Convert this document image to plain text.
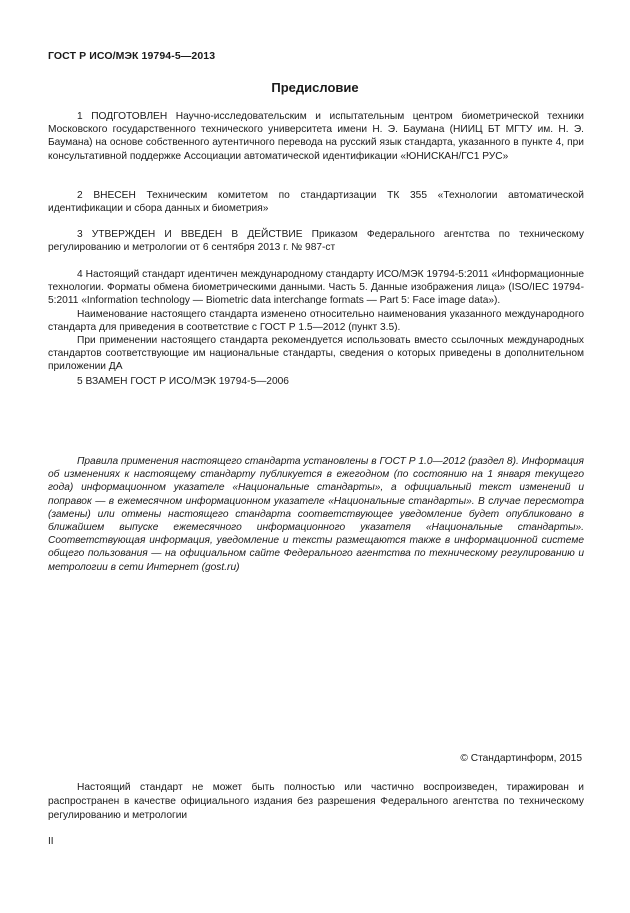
ГОСТ Р ИСО/МЭК 19794-5—2013
Предисловие

1 ПОДГОТОВЛЕН Научно-исследовательским и испытательным центром биометрической техники Московского государственного технического университета имени Н. Э. Баумана (НИИЦ БТ МГТУ им. Н. Э. Баумана) на основе собственного аутентичного перевода на русский язык стандарта, указанного в пункте 4, при консультативной поддержке Ассоциации автоматической идентификации «ЮНИСКАН/ГС1 РУС»

2 ВНЕСЕН Техническим комитетом по стандартизации ТК 355 «Технологии автоматической идентификации и сбора данных и биометрия»

3 УТВЕРЖДЕН И ВВЕДЕН В ДЕЙСТВИЕ Приказом Федерального агентства по техническому регулированию и метрологии от 6 сентября 2013 г. № 987-ст

4 Настоящий стандарт идентичен международному стандарту ИСО/МЭК 19794-5:2011 «Информационные технологии. Форматы обмена биометрическими данными. Часть 5. Данные изображения лица» (ISO/IEC 19794-5:2011 «Information technology — Biometric data interchange formats — Part 5: Face image data»).

Наименование настоящего стандарта изменено относительно наименования указанного международного стандарта для приведения в соответствие с ГОСТ Р 1.5—2012 (пункт 3.5).

При применении настоящего стандарта рекомендуется использовать вместо ссылочных международных стандартов соответствующие им национальные стандарты, сведения о которых приведены в дополнительном приложении ДА

5 ВЗАМЕН ГОСТ Р ИСО/МЭК 19794-5—2006

Правила применения настоящего стандарта установлены в ГОСТ Р 1.0—2012 (раздел 8). Информация об изменениях к настоящему стандарту публикуется в ежегодном (по состоянию на 1 января текущего года) информационном указателе «Национальные стандарты», а официальный текст изменений и поправок — в ежемесячном информационном указателе «Национальные стандарты». В случае пересмотра (замены) или отмены настоящего стандарта соответствующее уведомление будет опубликовано в ближайшем выпуске ежемесячного информационного указателя «Национальные стандарты». Соответствующая информация, уведомление и тексты размещаются также в информационной системе общего пользования — на официальном сайте Федерального агентства по техническому регулированию и метрологии в сети Интернет (gost.ru)

© Стандартинформ, 2015

Настоящий стандарт не может быть полностью или частично воспроизведен, тиражирован и распространен в качестве официального издания без разрешения Федерального агентства по техническому регулированию и метрологии

II
